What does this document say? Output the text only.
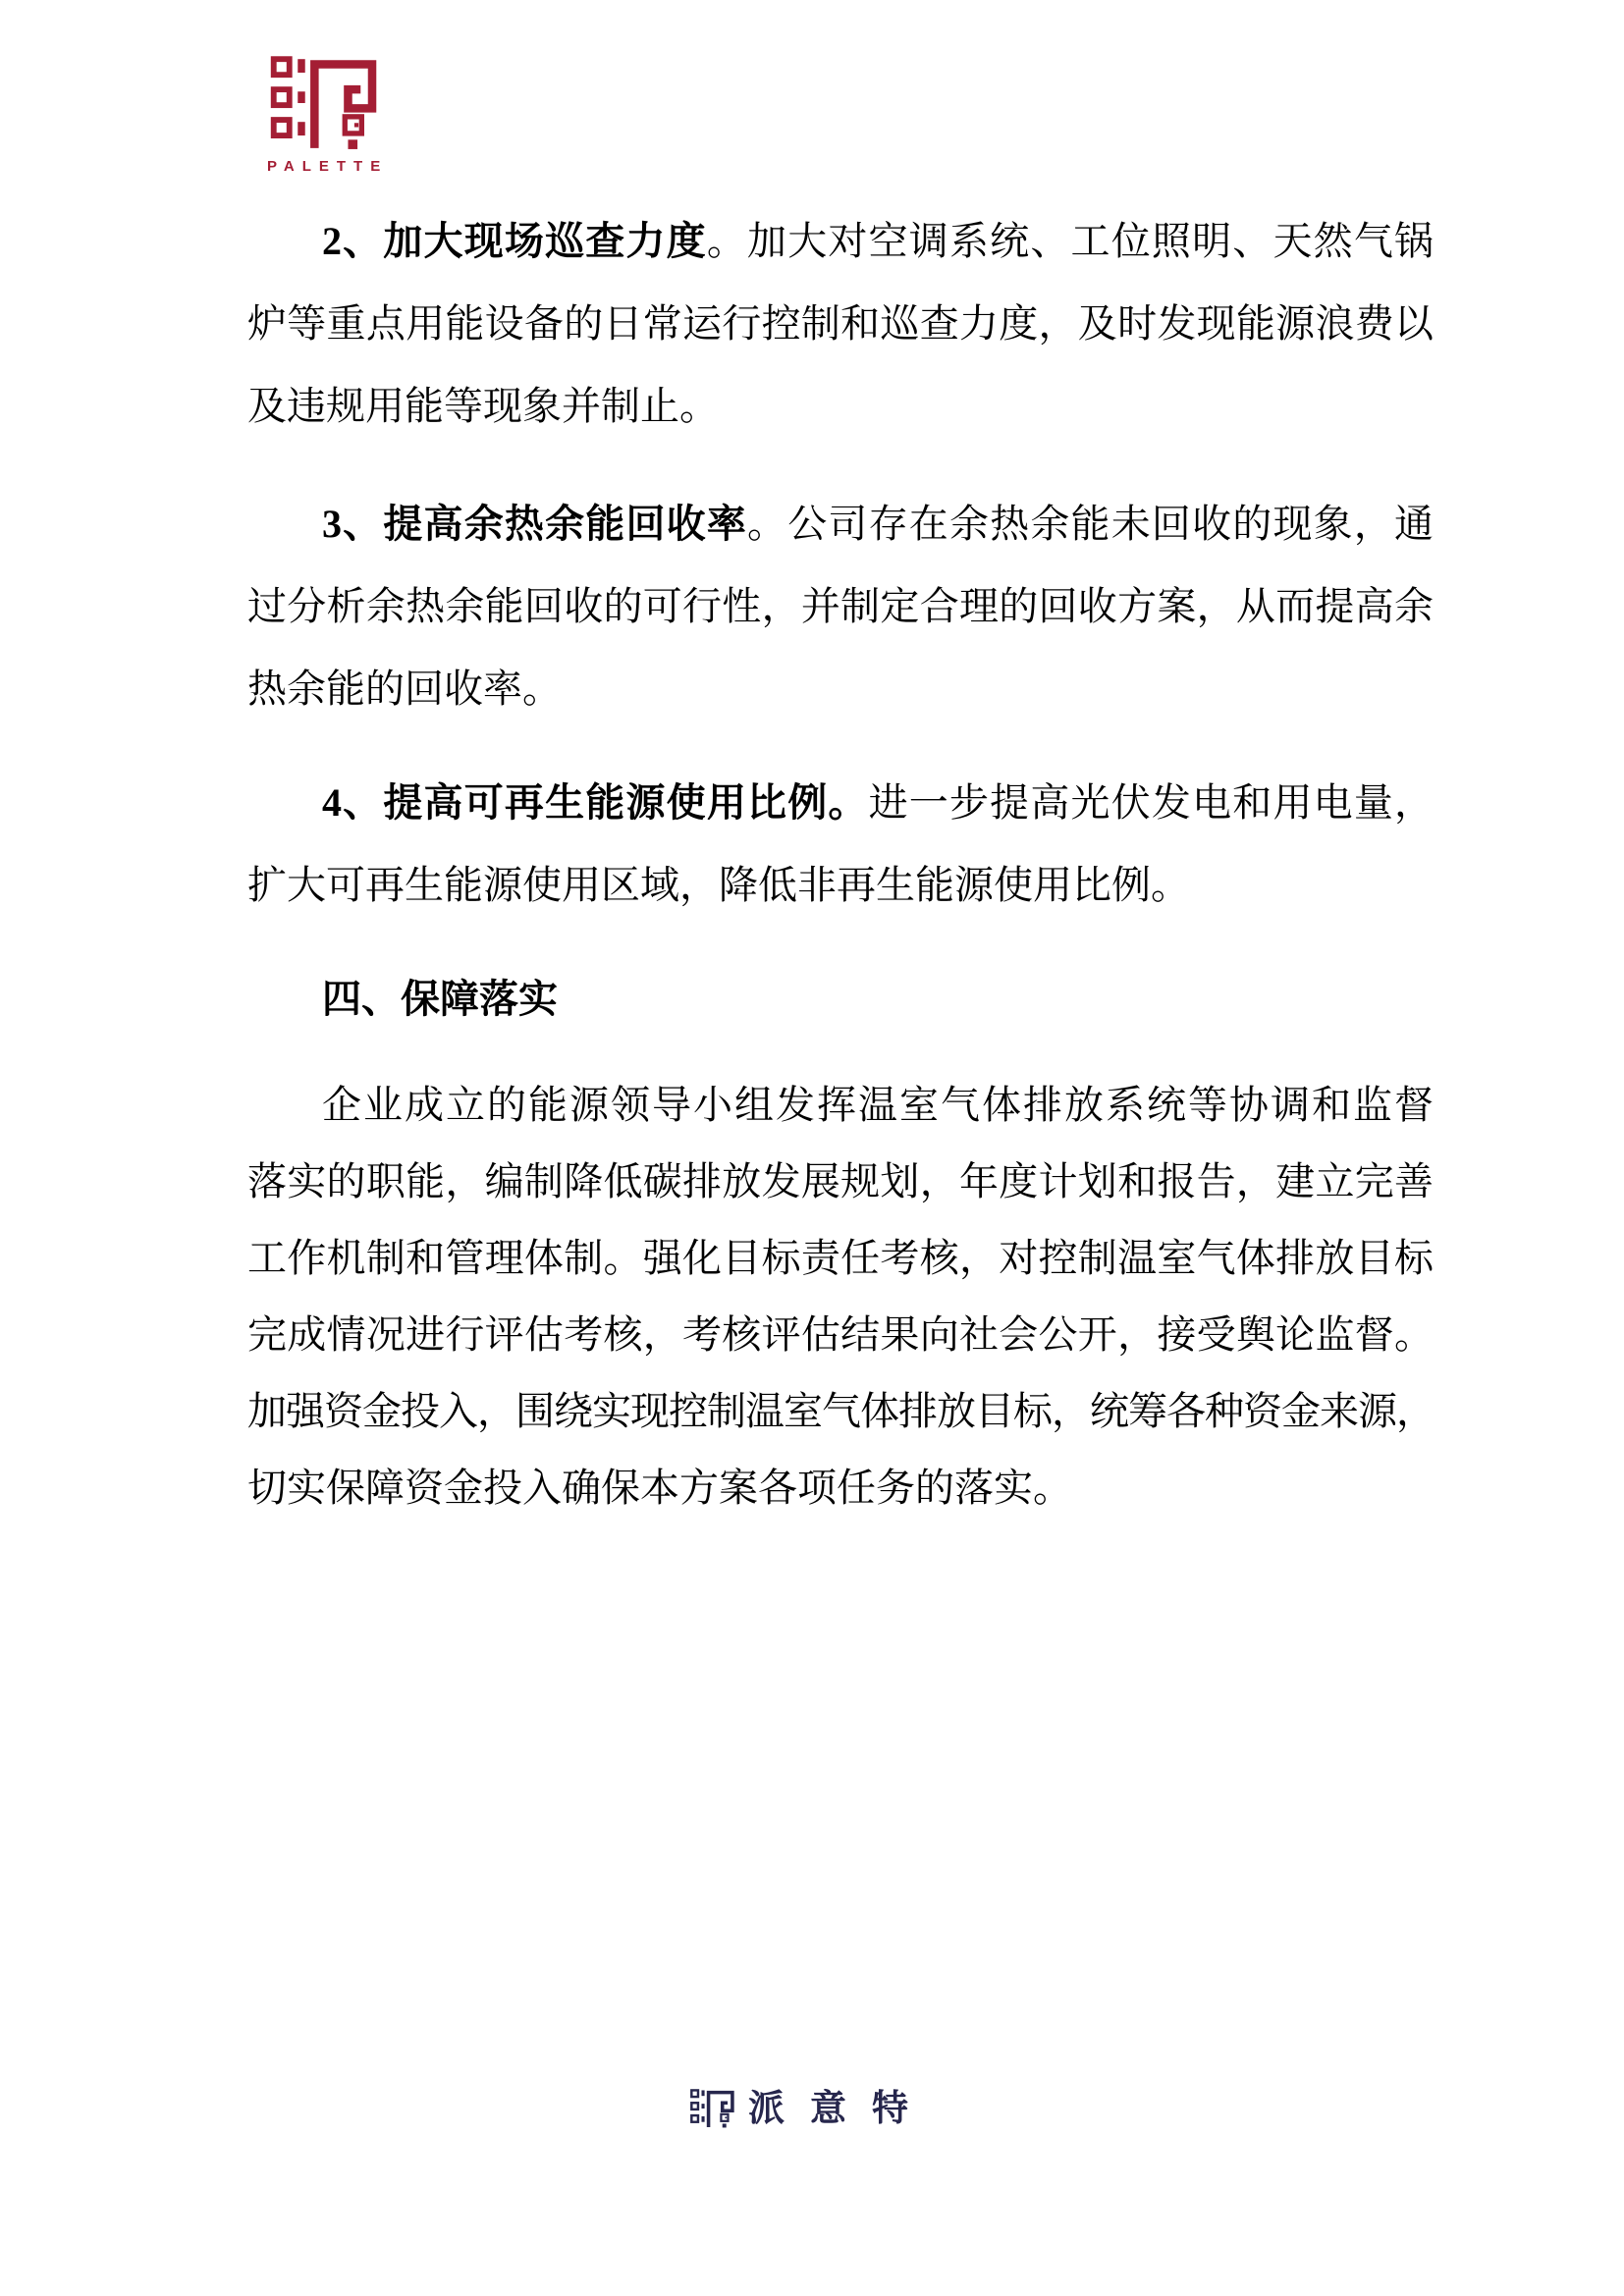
PALETTE
2、加大现场巡查力度。加大对空调系统、工位照明、天然气锅
炉等重点用能设备的日常运行控制和巡查力度，及时发现能源浪费以
及违规用能等现象并制止。
3、提高余热余能回收率。公司存在余热余能未回收的现象，通
过分析余热余能回收的可行性，并制定合理的回收方案，从而提高余
热余能的回收率。
4、提高可再生能源使用比例。进一步提高光伏发电和用电量，
扩大可再生能源使用区域，降低非再生能源使用比例。
四、保障落实
企业成立的能源领导小组发挥温室气体排放系统等协调和监督
落实的职能，编制降低碳排放发展规划，年度计划和报告，建立完善
工作机制和管理体制。强化目标责任考核，对控制温室气体排放目标
完成情况进行评估考核，考核评估结果向社会公开，接受舆论监督。
加强资金投入，围绕实现控制温室气体排放目标，统筹各种资金来源，
切实保障资金投入确保本方案各项任务的落实。
派意特
